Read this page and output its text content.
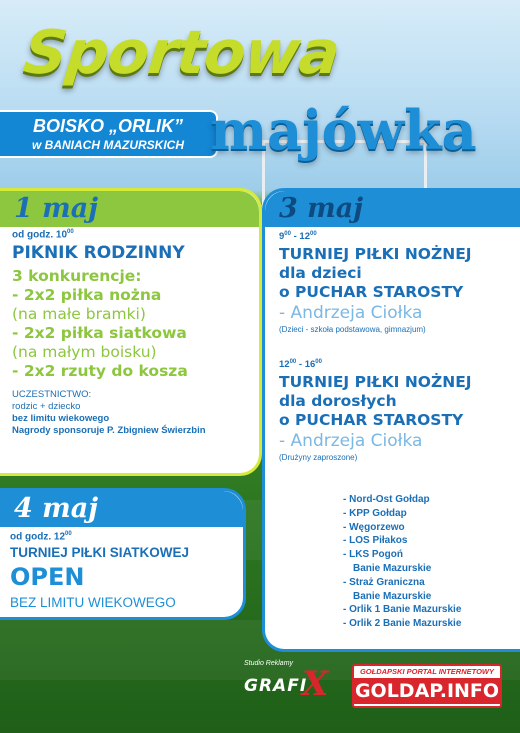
Sportowa
BOISKO „ORLIK”
w BANIACH MAZURSKICH majówka
1 maj
od godz. $10^{00}$
PIKNIK RODZINNY
3 konkurencje:
- 2x2 piłka nożna
(na małe bramki)
- 2x2 piłka siatkowa
(na małym boisku)
- 2x2 rzuty do kosza
UCZESTNICTWO:
rodzic + dziecko
bez limitu wiekowego
Nagrody sponsoruje P. Zbigniew Świerzbin
3 maj
$9^{00} - 12^{00}$
TURNIEJ PIŁKI NOŻNEJ
dla dzieci
o PUCHAR STAROSTY
- Andrzeja Ciołka
(Dzieci - szkoła podstawowa, gimnazjum)
$12^{00} - 16^{00}$
TURNIEJ PIŁKI NOŻNEJ
dla dorosłych
o PUCHAR STAROSTY
- Andrzeja Ciołka
(Drużyny zaproszone)
- Nord-Ost Gołdap
- KPP Gołdap
- Węgorzewo
- LOS Piłakos
- LKS Pogoń
Banie Mazurskie
- Straż Graniczna
Banie Mazurskie
- Orlik 1 Banie Mazurskie
- Orlik 2 Banie Mazurskie
4 maj
od godz. $12^{00}$
TURNIEJ PIŁKI SIATKOWEJ
OPEN
BEZ LIMITU WIEKOWEGO
Studio Reklamy
GRAFI
X	GOŁDAPSKI PORTAL INTERNETOWY
GOLDAP.INFO
